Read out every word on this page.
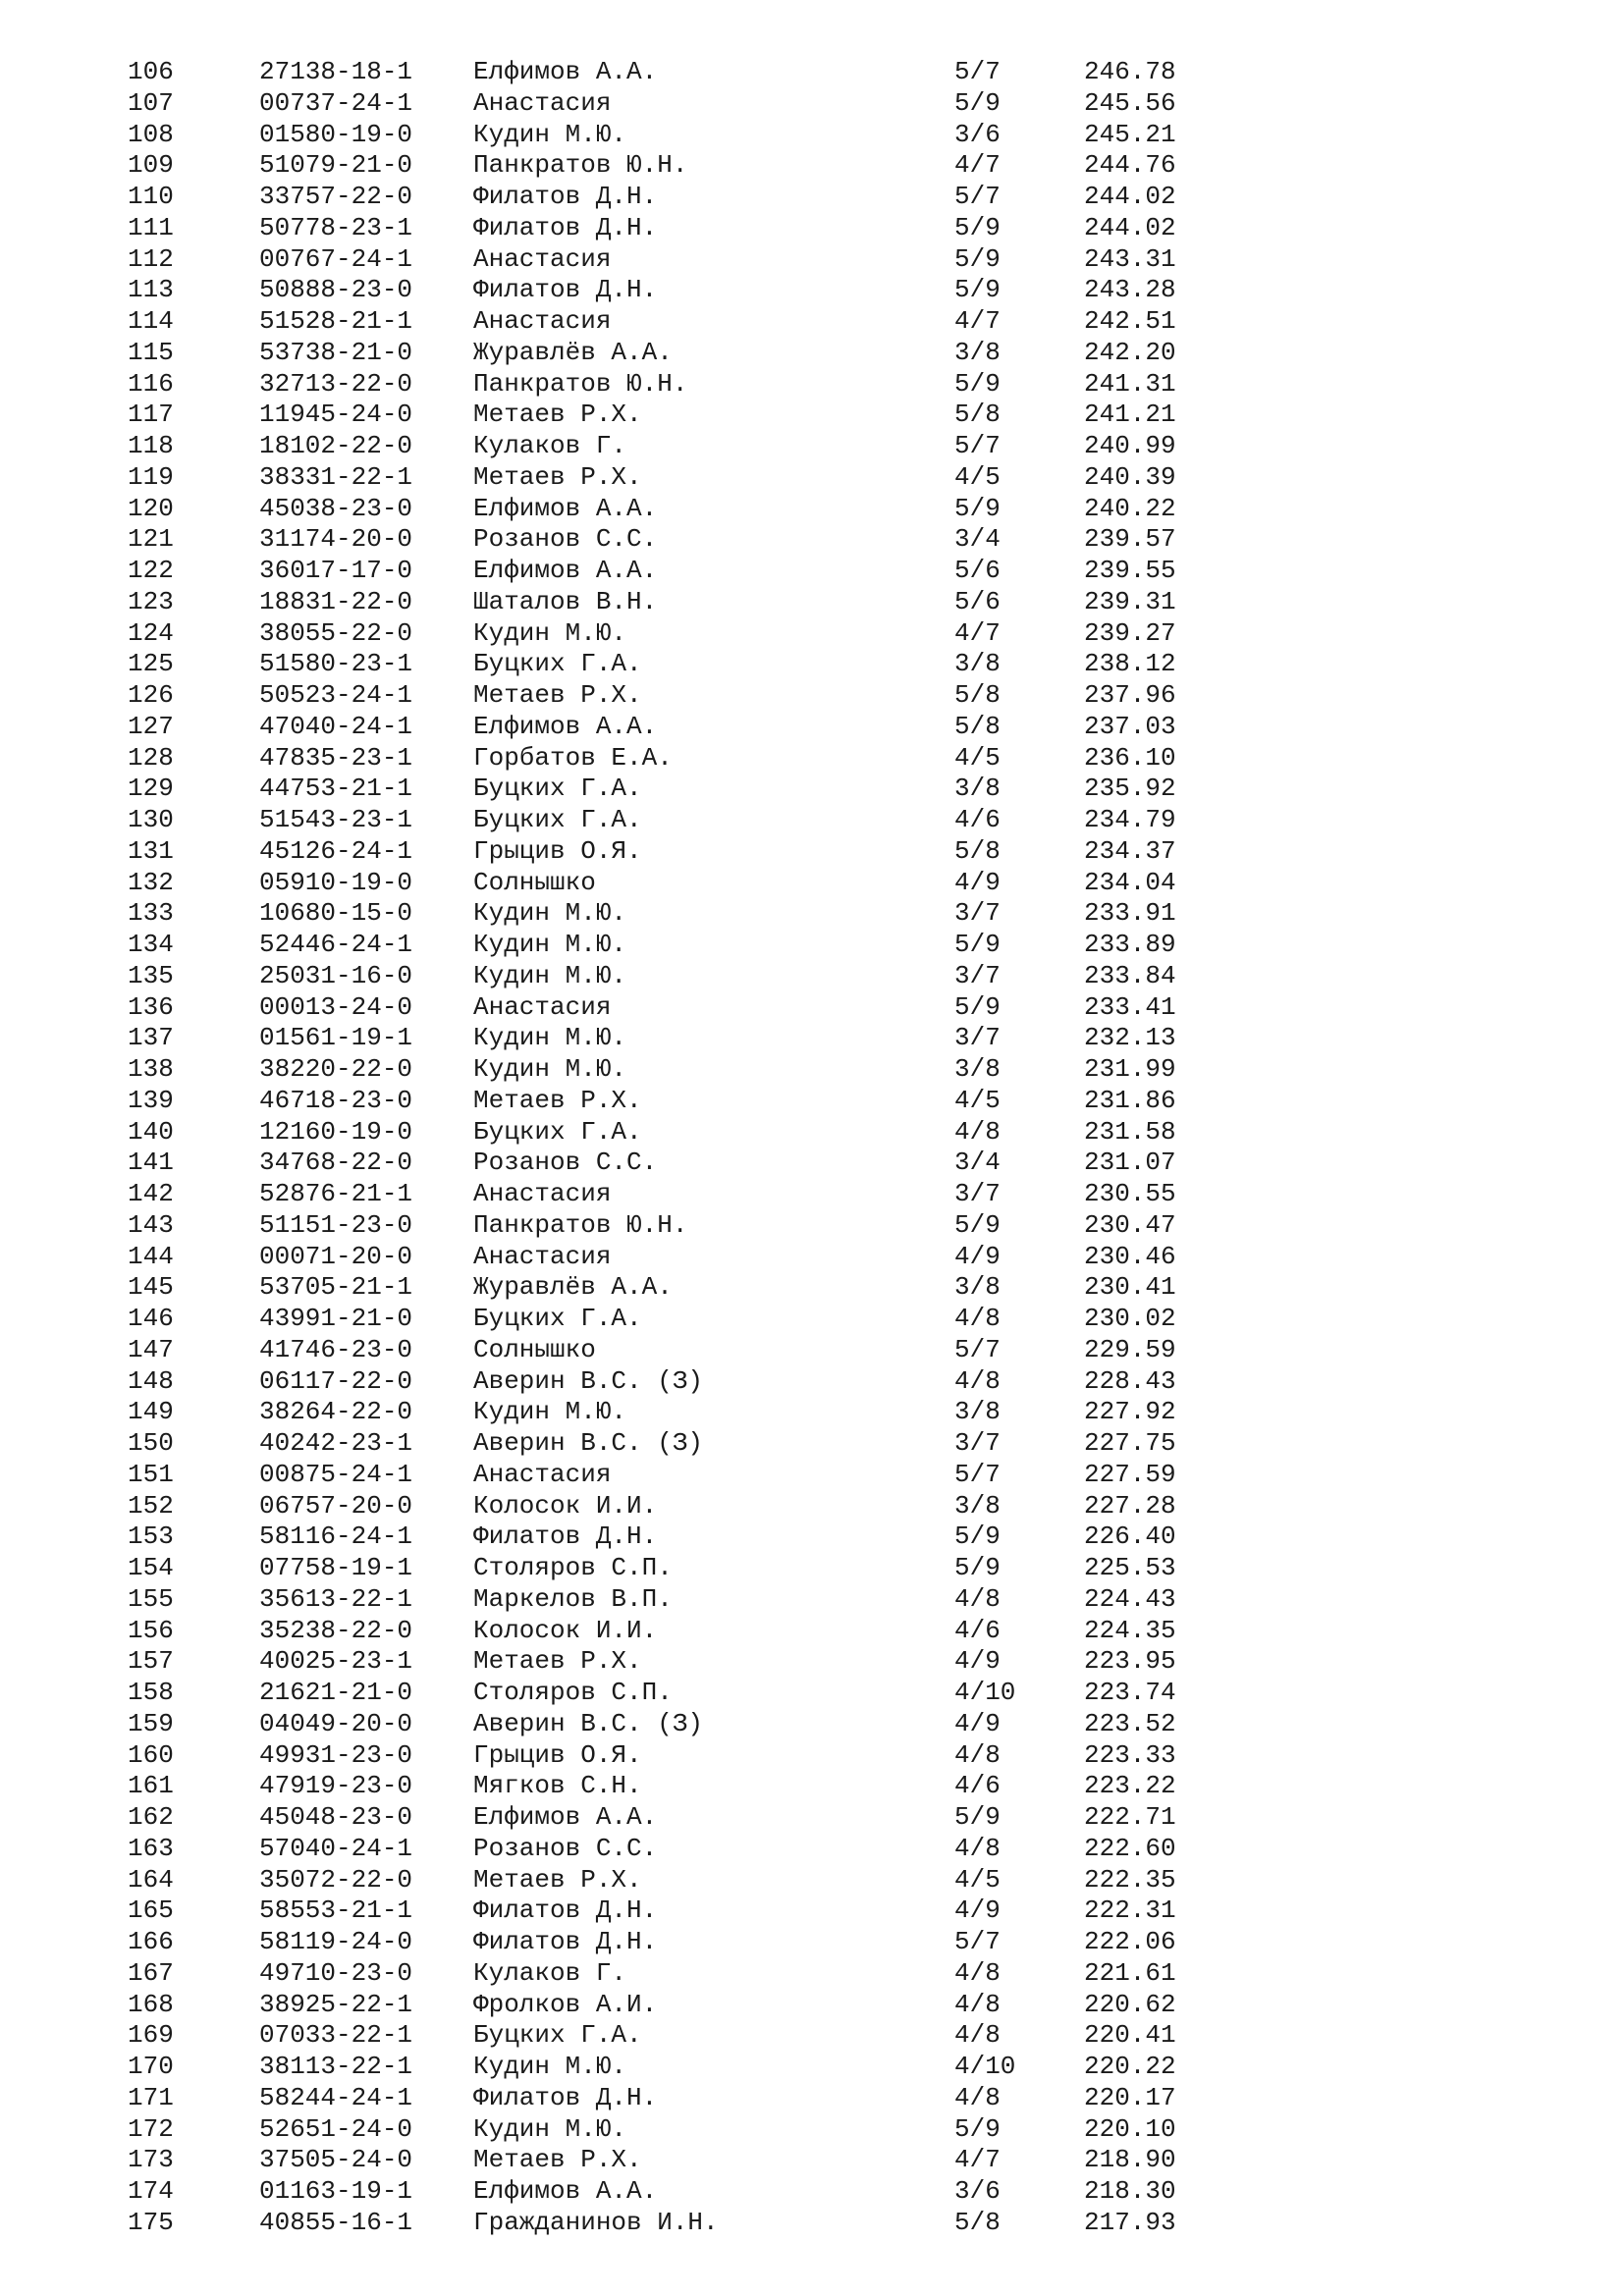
106	27138-18-1 Елфимов А.А.	5/7	246.78
107	00737-24-1 Анастасия	5/9	245.56
108	01580-19-0 Кудин М.Ю.	3/6	245.21
109	51079-21-0 Панкратов Ю.Н.	4/7	244.76
110	33757-22-0 Филатов Д.Н.	5/7	244.02
111	50778-23-1 Филатов Д.Н.	5/9	244.02
112	00767-24-1 Анастасия	5/9	243.31
113	50888-23-0 Филатов Д.Н.	5/9	243.28
114	51528-21-1 Анастасия	4/7	242.51
115	53738-21-0 Журавлёв А.А.	3/8	242.20
116	32713-22-0 Панкратов Ю.Н.	5/9	241.31
117	11945-24-0 Метаев Р.Х.	5/8	241.21
118	18102-22-0 Кулаков Г.	5/7	240.99
119	38331-22-1 Метаев Р.Х.	4/5	240.39
120	45038-23-0 Елфимов А.А.	5/9	240.22
121	31174-20-0 Розанов С.С.	3/4	239.57
122	36017-17-0 Елфимов А.А.	5/6	239.55
123	18831-22-0 Шаталов В.Н.	5/6	239.31
124	38055-22-0 Кудин М.Ю.	4/7	239.27
125	51580-23-1 Буцких Г.А.	3/8	238.12
126	50523-24-1 Метаев Р.Х.	5/8	237.96
127	47040-24-1 Елфимов А.А.	5/8	237.03
128	47835-23-1 Горбатов Е.А.	4/5	236.10
129	44753-21-1 Буцких Г.А.	3/8	235.92
130	51543-23-1 Буцких Г.А.	4/6	234.79
131	45126-24-1 Грыцив О.Я.	5/8	234.37
132	05910-19-0 Солнышко	4/9	234.04
133	10680-15-0 Кудин М.Ю.	3/7	233.91
134	52446-24-1 Кудин М.Ю.	5/9	233.89
135	25031-16-0 Кудин М.Ю.	3/7	233.84
136	00013-24-0 Анастасия	5/9	233.41
137	01561-19-1 Кудин М.Ю.	3/7	232.13
138	38220-22-0 Кудин М.Ю.	3/8	231.99
139	46718-23-0 Метаев Р.Х.	4/5	231.86
140	12160-19-0 Буцких Г.А.	4/8	231.58
141	34768-22-0 Розанов С.С.	3/4	231.07
142	52876-21-1 Анастасия	3/7	230.55
143	51151-23-0 Панкратов Ю.Н.	5/9	230.47
144	00071-20-0 Анастасия	4/9	230.46
145	53705-21-1 Журавлёв А.А.	3/8	230.41
146	43991-21-0 Буцких Г.А.	4/8	230.02
147	41746-23-0 Солнышко	5/7	229.59
148	06117-22-0 Аверин В.С. (З)	4/8	228.43
149	38264-22-0 Кудин М.Ю.	3/8	227.92
150	40242-23-1 Аверин В.С. (З)	3/7	227.75
151	00875-24-1 Анастасия	5/7	227.59
152	06757-20-0 Колосок И.И.	3/8	227.28
153	58116-24-1 Филатов Д.Н.	5/9	226.40
154	07758-19-1 Столяров С.П.	5/9	225.53
155	35613-22-1 Маркелов В.П.	4/8	224.43
156	35238-22-0 Колосок И.И.	4/6	224.35
157	40025-23-1 Метаев Р.Х.	4/9	223.95
158	21621-21-0 Столяров С.П.	4/10	223.74
159	04049-20-0 Аверин В.С. (З)	4/9	223.52
160	49931-23-0 Грыцив О.Я.	4/8	223.33
161	47919-23-0 Мягков С.Н.	4/6	223.22
162	45048-23-0 Елфимов А.А.	5/9	222.71
163	57040-24-1 Розанов С.С.	4/8	222.60
164	35072-22-0 Метаев Р.Х.	4/5	222.35
165	58553-21-1 Филатов Д.Н.	4/9	222.31
166	58119-24-0 Филатов Д.Н.	5/7	222.06
167	49710-23-0 Кулаков Г.	4/8	221.61
168	38925-22-1 Фролков А.И.	4/8	220.62
169	07033-22-1 Буцких Г.А.	4/8	220.41
170	38113-22-1 Кудин М.Ю.	4/10	220.22
171	58244-24-1 Филатов Д.Н.	4/8	220.17
172	52651-24-0 Кудин М.Ю.	5/9	220.10
173	37505-24-0 Метаев Р.Х.	4/7	218.90
174	01163-19-1 Елфимов А.А.	3/6	218.30
175	40855-16-1 Гражданинов И.Н.	5/8	217.93
